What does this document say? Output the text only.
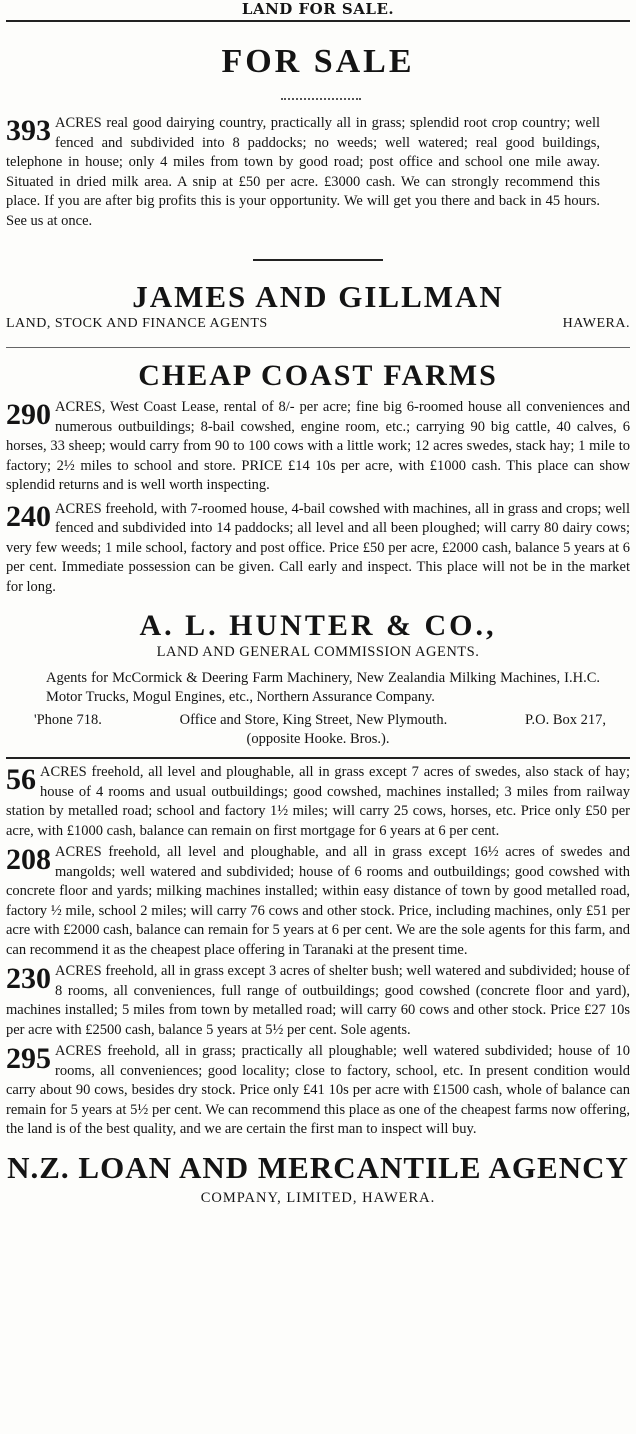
LAND FOR SALE.
FOR SALE
393 ACRES real good dairying country, practically all in grass; splendid root crop country; well fenced and subdivided into 8 paddocks; no weeds; well watered; real good buildings, telephone in house; only 4 miles from town by good road; post office and school one mile away. Situated in dried milk area. A snip at £50 per acre. £3000 cash. We can strongly recommend this place. If you are after big profits this is your opportunity. We will get you there and back in 45 hours. See us at once.
JAMES AND GILLMAN
LAND, STOCK AND FINANCE AGENTS	HAWERA.
CHEAP COAST FARMS
290 ACRES, West Coast Lease, rental of 8/- per acre; fine big 6-roomed house all conveniences and numerous outbuildings; 8-bail cowshed, engine room, etc.; carrying 90 big cattle, 40 calves, 6 horses, 33 sheep; would carry from 90 to 100 cows with a little work; 12 acres swedes, stack hay; 1 mile to factory; 2½ miles to school and store. PRICE £14 10s per acre, with £1000 cash. This place can show splendid returns and is well worth inspecting.
240 ACRES freehold, with 7-roomed house, 4-bail cowshed with machines, all in grass and crops; well fenced and subdivided into 14 paddocks; all level and all been ploughed; will carry 80 dairy cows; very few weeds; 1 mile school, factory and post office. Price £50 per acre, £2000 cash, balance 5 years at 6 per cent. Immediate possession can be given. Call early and inspect. This place will not be in the market for long.
A. L. HUNTER & CO.,
LAND AND GENERAL COMMISSION AGENTS.
Agents for McCormick & Deering Farm Machinery, New Zealandia Milking Machines, I.H.C. Motor Trucks, Mogul Engines, etc., Northern Assurance Company.
'Phone 718.	Office and Store, King Street, New Plymouth.	P.O. Box 217,
(opposite Hooke. Bros.).
56 ACRES freehold, all level and ploughable, all in grass except 7 acres of swedes, also stack of hay; house of 4 rooms and usual outbuildings; good cowshed, machines installed; 3 miles from railway station by metalled road; school and factory 1½ miles; will carry 25 cows, horses, etc. Price only £50 per acre, with £1000 cash, balance can remain on first mortgage for 6 years at 6 per cent.
208 ACRES freehold, all level and ploughable, and all in grass except 16½ acres of swedes and mangolds; well watered and subdivided; house of 6 rooms and outbuildings; good cowshed with concrete floor and yards; milking machines installed; within easy distance of town by good metalled road, factory ½ mile, school 2 miles; will carry 76 cows and other stock. Price, including machines, only £51 per acre with £2000 cash, balance can remain for 5 years at 6 per cent. We are the sole agents for this farm, and can recommend it as the cheapest place offering in Taranaki at the present time.
230 ACRES freehold, all in grass except 3 acres of shelter bush; well watered and subdivided; house of 8 rooms, all conveniences, full range of outbuildings; good cowshed (concrete floor and yard), machines installed; 5 miles from town by metalled road; will carry 60 cows and other stock. Price £27 10s per acre with £2500 cash, balance 5 years at 5½ per cent. Sole agents.
295 ACRES freehold, all in grass; practically all ploughable; well watered subdivided; house of 10 rooms, all conveniences; good locality; close to factory, school, etc. In present condition would carry about 90 cows, besides dry stock. Price only £41 10s per acre with £1500 cash, whole of balance can remain for 5 years at 5½ per cent. We can recommend this place as one of the cheapest farms now offering, the land is of the best quality, and we are certain the first man to inspect will buy.
N.Z. LOAN AND MERCANTILE AGENCY
COMPANY, LIMITED, HAWERA.
